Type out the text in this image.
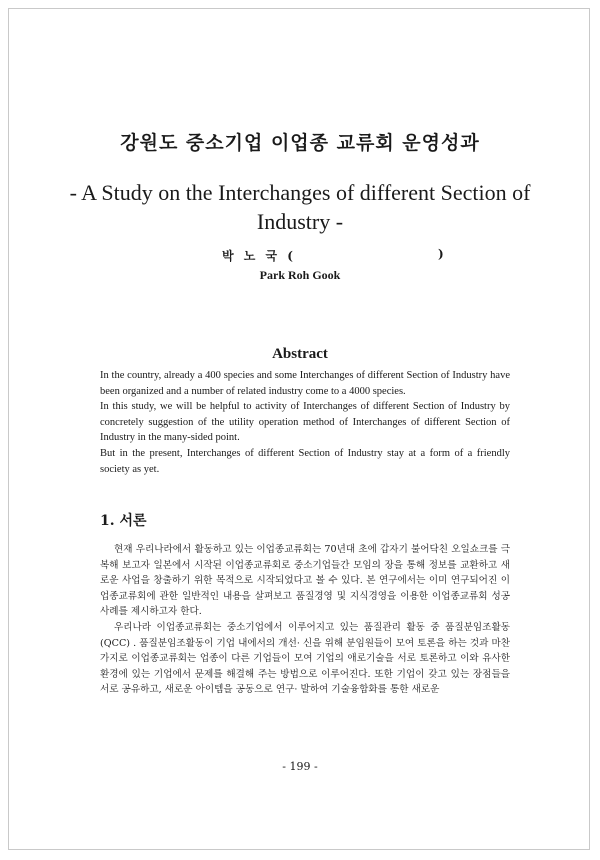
강원도 중소기업 이업종 교류회 운영성과
- A Study on the Interchanges of different Section of Industry -
박 노 국 (	)
Park Roh Gook
Abstract

In the country, already a 400 species and some Interchanges of different Section of Industry have been organized and a number of related industry come to a 4000 species.

In this study, we will be helpful to activity of Interchanges of different Section of Industry by concretely suggestion of the utility operation method of Interchanges of different Section of Industry in the many-sided point.

But in the present, Interchanges of different Section of Industry stay at a form of a friendly society as yet.

1. 서론

현재 우리나라에서 활동하고 있는 이업종교류회는 70년대 초에 갑자기 불어닥친 오일쇼크를 극복해 보고자 일본에서 시작된 이업종교류회로 중소기업들간 모임의 장을 통해 정보를 교환하고 새로운 사업을 창출하기 위한 목적으로 시작되었다고 볼 수 있다. 본 연구에서는 이미 연구되어진 이업종교류회에 관한 일반적인 내용을 살펴보고 품질경영 및 지식경영을 이용한 이업종교류회 성공 사례를 제시하고자 한다.

우리나라 이업종교류회는 중소기업에서 이루어지고 있는 품질관리 활동 중 품질분임조활동(QCC) . 품질분임조활동이 기업 내에서의 개선· 신을 위해 분임원들이 모여 토론을 하는 것과 마찬가지로 이업종교류회는 업종이 다른 기업들이 모여 기업의 애로기술을 서로 토론하고 이와 유사한 환경에 있는 기업에서 문제를 해결해 주는 방법으로 이루어진다. 또한 기업이 갖고 있는 장점들을 서로 공유하고, 새로운 아이템을 공동으로 연구· 발하여 기술융합화를 통한 새로운

- 199 -
